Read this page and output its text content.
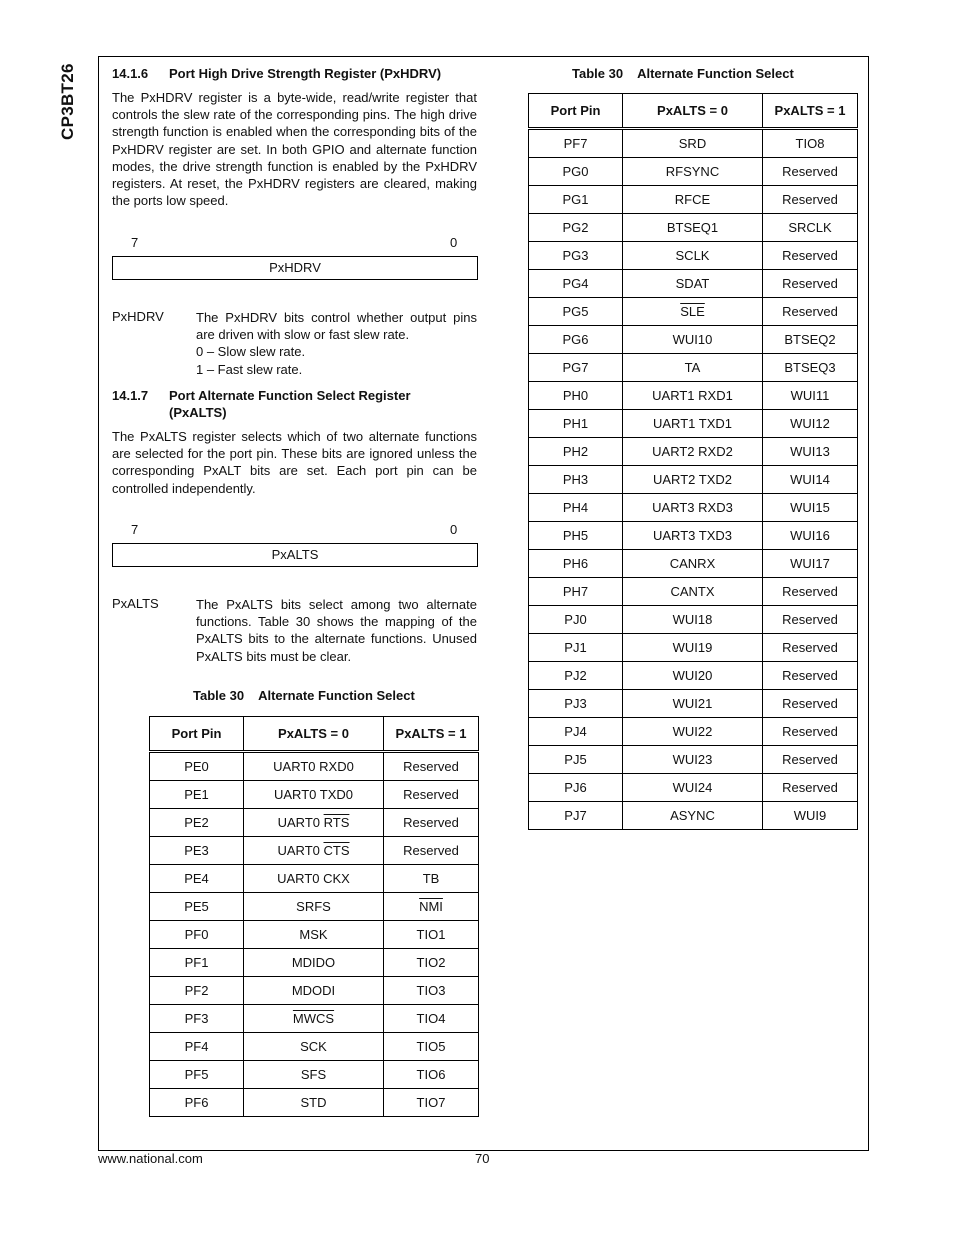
CP3BT26	14.1.6 Port High Drive Strength Register (PxHDRV)
The PxHDRV register is a byte-wide, read/write register that controls the slew rate of the corresponding pins. The high drive strength function is enabled when the corresponding bits of the PxHDRV register are set. In both GPIO and alternate function modes, the drive strength function is enabled by the PxHDRV registers. At reset, the PxHDRV registers are cleared, making the ports low speed.
7	0
PxHDRV
PxHDRV The PxHDRV bits control whether output pins are driven with slow or fast slew rate.
0 – Slow slew rate.
1 – Fast slew rate.
14.1.7 Port Alternate Function Select Register
(PxALTS)
The PxALTS register selects which of two alternate functions are selected for the port pin. These bits are ignored unless the corresponding PxALT bits are set. Each port pin can be controlled independently.
7	0
PxALTS
PxALTS	The PxALTS bits select among two alternate functions. Table 30 shows the mapping of the PxALTS bits to the alternate functions. Unused PxALTS bits must be clear.
Table 30 Alternate Function Select
Port Pin	PxALTS = 0	PxALTS = 1
PE0	UART0 RXD0	Reserved
PE1	UART0 TXD0	Reserved
PE2	UART0 $\overline{RTS}$	Reserved
PE3	UART0 $\overline{CTS}$	Reserved
PE4	UART0 CKX	TB
PE5	SRFS	$\overline{NMI}$
PF0	MSK	TIO1
PF1	MDIDO	TIO2
PF2	MDODI	TIO3
PF3	MWCS	TIO4
PF4	SCK	TIO5
PF5	SFS	TIO6
PF6	STD	TIO7
Table 30 Alternate Function Select
Port Pin	PxALTS = 0	PxALTS = 1
PF7	SRD	TIO8
PG0	RFSYNC	Reserved
PG1	RFCE	Reserved
PG2	BTSEQ1	SRCLK
PG3	SCLK	Reserved
PG4	SDAT	Reserved
PG5	$\overline{SLE}$	Reserved
PG6	WUI10	BTSEQ2
PG7	TA	BTSEQ3
PH0	UART1 RXD1	WUI11
PH1	UART1 TXD1	WUI12
PH2	UART2 RXD2	WUI13
PH3	UART2 TXD2	WUI14
PH4	UART3 RXD3	WUI15
PH5	UART3 TXD3	WUI16
PH6	CANRX	WUI17
PH7	CANTX	Reserved
PJ0	WUI18	Reserved
PJ1	WUI19	Reserved
PJ2	WUI20	Reserved
PJ3	WUI21	Reserved
PJ4	WUI22	Reserved
PJ5	WUI23	Reserved
PJ6	WUI24	Reserved
PJ7	ASYNC	WUI9
www.national.com	70
